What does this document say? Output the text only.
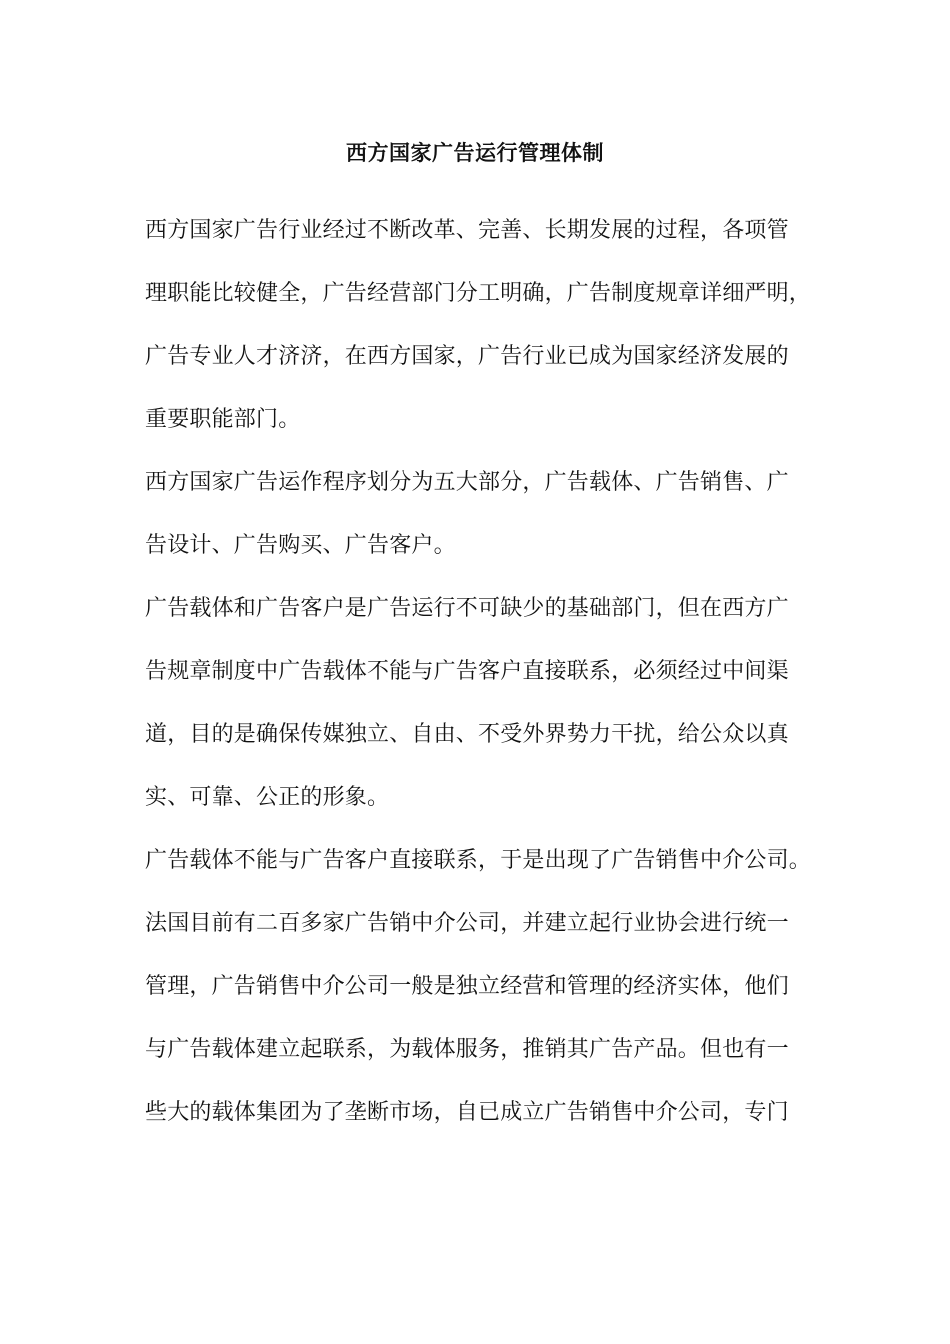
西方国家广告运行管理体制
西方国家广告行业经过不断改革、完善、长期发展的过程，各项管
理职能比较健全，广告经营部门分工明确，广告制度规章详细严明，
广告专业人才济济，在西方国家，广告行业已成为国家经济发展的
重要职能部门。
西方国家广告运作程序划分为五大部分，广告载体、广告销售、广
告设计、广告购买、广告客户。
广告载体和广告客户是广告运行不可缺少的基础部门，但在西方广
告规章制度中广告载体不能与广告客户直接联系，必须经过中间渠
道，目的是确保传媒独立、自由、不受外界势力干扰，给公众以真
实、可靠、公正的形象。
广告载体不能与广告客户直接联系，于是出现了广告销售中介公司。
法国目前有二百多家广告销中介公司，并建立起行业协会进行统一
管理，广告销售中介公司一般是独立经营和管理的经济实体，他们
与广告载体建立起联系，为载体服务，推销其广告产品。但也有一
些大的载体集团为了垄断市场，自已成立广告销售中介公司，专门
